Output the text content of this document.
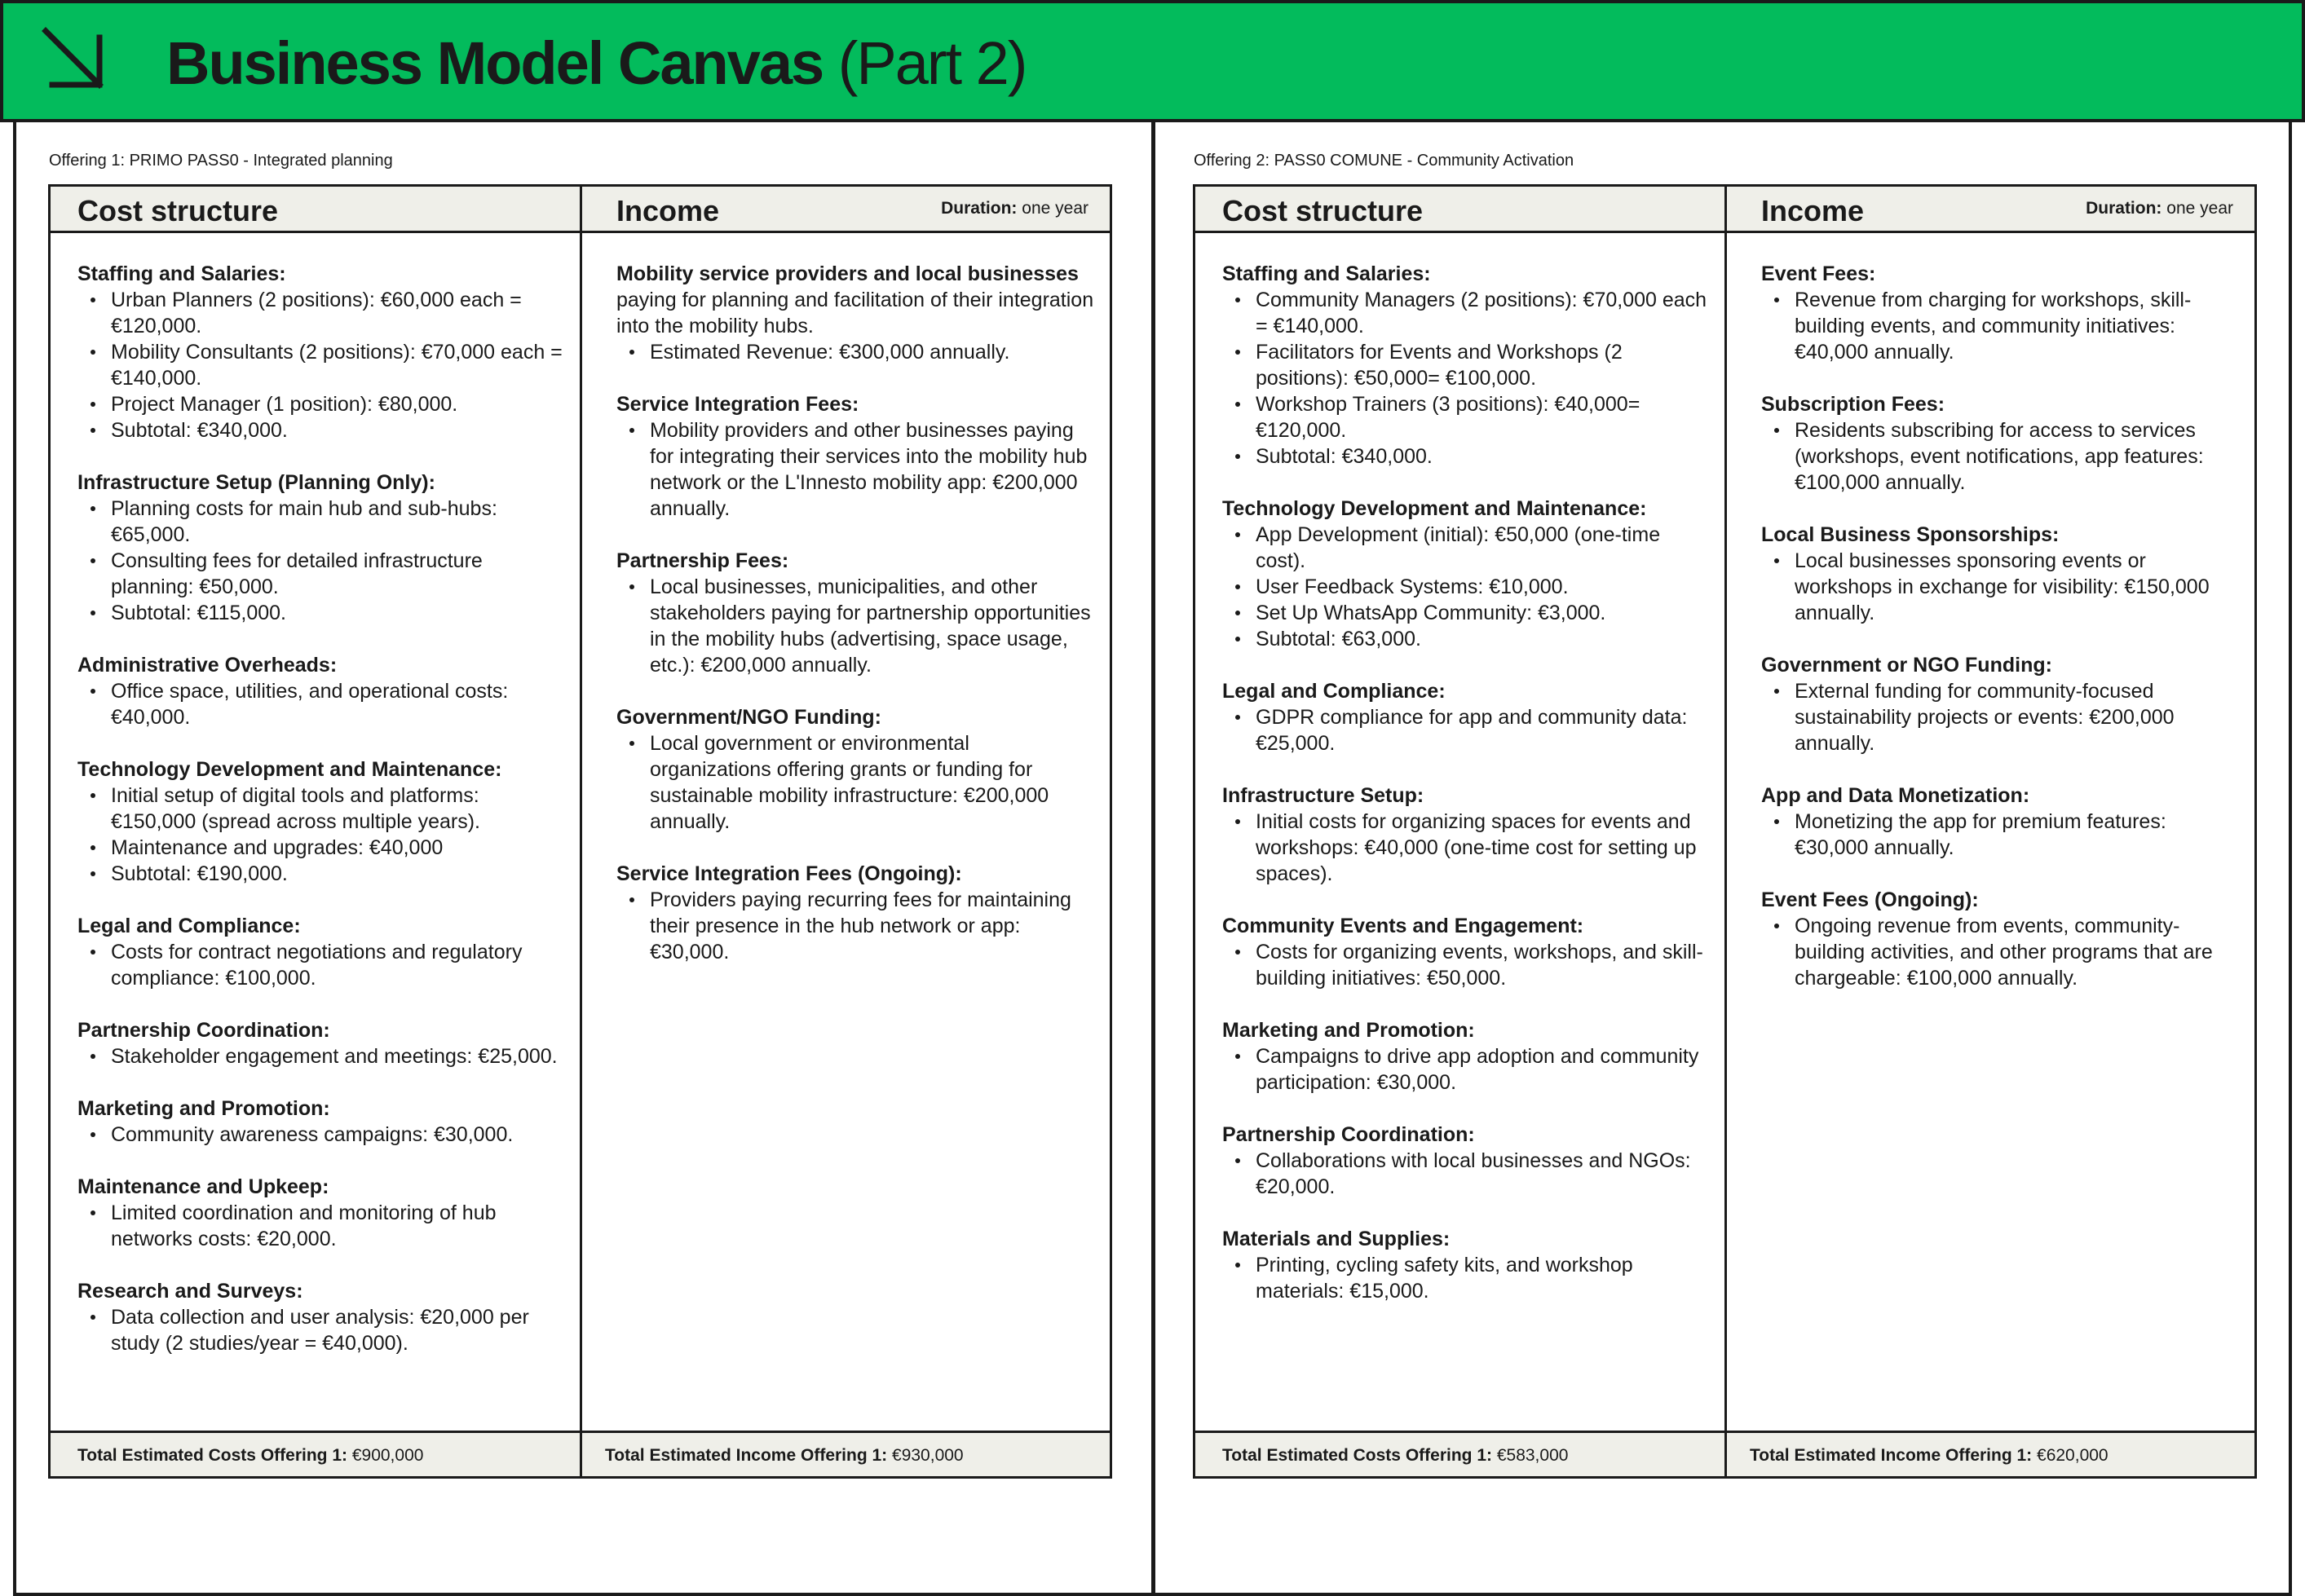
Business Model Canvas (Part 2)
Offering 1: PRIMO PASS0 - Integrated planning
Cost structure
Staffing and Salaries:
Urban Planners (2 positions): €60,000 each = €120,000.
Mobility Consultants (2 positions): €70,000 each = €140,000.
Project Manager (1 position): €80,000.
Subtotal: €340,000.
Infrastructure Setup (Planning Only):
Planning costs for main hub and sub-hubs: €65,000.
Consulting fees for detailed infrastructure planning: €50,000.
Subtotal: €115,000.
Administrative Overheads:
Office space, utilities, and operational costs: €40,000.
Technology Development and Maintenance:
Initial setup of digital tools and platforms: €150,000 (spread across multiple years).
Maintenance and upgrades: €40,000
Subtotal: €190,000.
Legal and Compliance:
Costs for contract negotiations and regulatory compliance: €100,000.
Partnership Coordination:
Stakeholder engagement and meetings: €25,000.
Marketing and Promotion:
Community awareness campaigns: €30,000.
Maintenance and Upkeep:
Limited coordination and monitoring of hub networks costs: €20,000.
Research and Surveys:
Data collection and user analysis: €20,000 per study (2 studies/year = €40,000).
Total Estimated Costs Offering 1: €900,000
Income	Duration: one year
Mobility service providers and local businesses
paying for planning and facilitation of their integration into the mobility hubs.
Estimated Revenue: €300,000 annually.
Service Integration Fees:
Mobility providers and other businesses paying for integrating their services into the mobility hub network or the L'Innesto mobility app: €200,000 annually.
Partnership Fees:
Local businesses, municipalities, and other stakeholders paying for partnership opportunities in the mobility hubs (advertising, space usage, etc.): €200,000 annually.
Government/NGO Funding:
Local government or environmental organizations offering grants or funding for sustainable mobility infrastructure: €200,000 annually.
Service Integration Fees (Ongoing):
Providers paying recurring fees for maintaining their presence in the hub network or app: €30,000.
Total Estimated Income Offering 1: €930,000
Offering 2: PASS0 COMUNE - Community Activation
Cost structure
Staffing and Salaries:
Community Managers (2 positions): €70,000 each = €140,000.
Facilitators for Events and Workshops (2 positions): €50,000= €100,000.
Workshop Trainers (3 positions): €40,000= €120,000.
Subtotal: €340,000.
Technology Development and Maintenance:
App Development (initial): €50,000 (one-time cost).
User Feedback Systems: €10,000.
Set Up WhatsApp Community: €3,000.
Subtotal: €63,000.
Legal and Compliance:
GDPR compliance for app and community data: €25,000.
Infrastructure Setup:
Initial costs for organizing spaces for events and workshops: €40,000 (one-time cost for setting up spaces).
Community Events and Engagement:
Costs for organizing events, workshops, and skill-building initiatives: €50,000.
Marketing and Promotion:
Campaigns to drive app adoption and community participation: €30,000.
Partnership Coordination:
Collaborations with local businesses and NGOs: €20,000.
Materials and Supplies:
Printing, cycling safety kits, and workshop materials: €15,000.
Total Estimated Costs Offering 1: €583,000
Income	Duration: one year
Event Fees:
Revenue from charging for workshops, skill-building events, and community initiatives: €40,000 annually.
Subscription Fees:
Residents subscribing for access to services (workshops, event notifications, app features: €100,000 annually.
Local Business Sponsorships:
Local businesses sponsoring events or workshops in exchange for visibility: €150,000 annually.
Government or NGO Funding:
External funding for community-focused sustainability projects or events: €200,000 annually.
App and Data Monetization:
Monetizing the app for premium features: €30,000 annually.
Event Fees (Ongoing):
Ongoing revenue from events, community-building activities, and other programs that are chargeable: €100,000 annually.
Total Estimated Income Offering 1: €620,000
